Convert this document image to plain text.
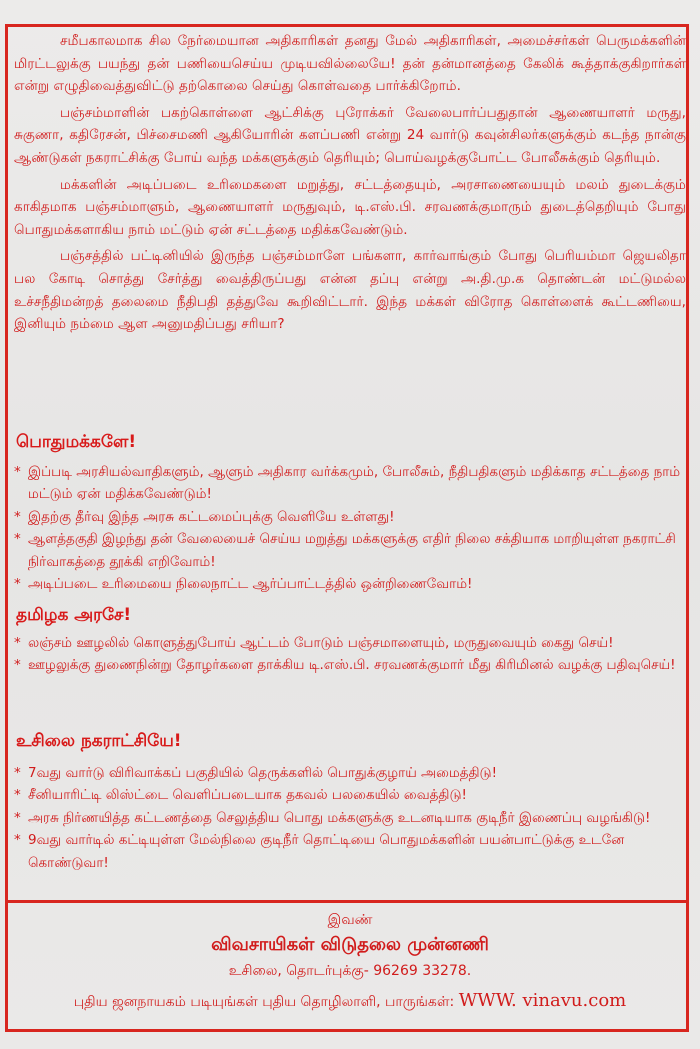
சமீபகாலமாக சில நேர்மையான அதிகாரிகள் தனது மேல் அதிகாரிகள், அமைச்சர்கள் பெருமக்களின் மிரட்டலுக்கு பயந்து தன் பணியைசெய்ய முடியவில்லையே! தன் தன்மானத்தை கேலிக் கூத்தாக்குகிறார்கள் என்று எழுதிவைத்துவிட்டு தற்கொலை செய்து கொள்வதை பார்க்கிறோம்.

பஞ்சம்மாளின் பகற்கொள்ளை ஆட்சிக்கு புரோக்கர் வேலைபார்ப்பதுதான் ஆணையாளர் மருது, சுகுணா, கதிரேசன், பிச்சைமணி ஆகியோரின் களப்பணி என்று 24 வார்டு கவுன்சிலர்களுக்கும் கடந்த நான்கு ஆண்டுகள் நகராட்சிக்கு போய் வந்த மக்களுக்கும் தெரியும்; பொய்வழக்குபோட்ட போலீசுக்கும் தெரியும்.

மக்களின் அடிப்படை உரிமைகளை மறுத்து, சட்டத்தையும், அரசாணையையும் மலம் துடைக்கும் காகிதமாக பஞ்சம்மாளும், ஆணையாளர் மருதுவும், டி.எஸ்.பி. சரவணக்குமாரும் துடைத்தெறியும் போது பொதுமக்களாகிய நாம் மட்டும் ஏன் சட்டத்தை மதிக்கவேண்டும்.

பஞ்சத்தில் பட்டினியில் இருந்த பஞ்சம்மாளே பங்களா, கார்வாங்கும் போது பெரியம்மா ஜெயலிதா பல கோடி சொத்து சேர்த்து வைத்திருப்பது என்ன தப்பு என்று அ.தி.மு.க தொண்டன் மட்டுமல்ல உச்சநீதிமன்றத் தலைமை நீதிபதி தத்துவே கூறிவிட்டார். இந்த மக்கள் விரோத கொள்ளைக் கூட்டணியை, இனியும் நம்மை ஆள அனுமதிப்பது சரியா?

பொதுமக்களே!
* இப்படி அரசியல்வாதிகளும், ஆளும் அதிகார வர்க்கமும், போலீசும், நீதிபதிகளும் மதிக்காத சட்டத்தை நாம் மட்டும் ஏன் மதிக்கவேண்டும்!
* இதற்கு தீர்வு இந்த அரசு கட்டமைப்புக்கு வெளியே உள்ளது!
* ஆளத்தகுதி இழந்து தன் வேலையைச் செய்ய மறுத்து மக்களுக்கு எதிர் நிலை சக்தியாக மாறியுள்ள நகராட்சி நிர்வாகத்தை தூக்கி எறிவோம்!
* அடிப்படை உரிமையை நிலைநாட்ட ஆர்ப்பாட்டத்தில் ஒன்றிணைவோம்!
தமிழக அரசே!
* லஞ்சம் ஊழலில் கொளுத்துபோய் ஆட்டம் போடும் பஞ்சமாளையும், மருதுவையும் கைது செய்!
* ஊழலுக்கு துணைநின்று தோழர்களை தாக்கிய டி.எஸ்.பி. சரவணக்குமார் மீது கிரிமினல் வழக்கு பதிவுசெய்!
உசிலை நகராட்சியே!
* 7வது வார்டு விரிவாக்கப் பகுதியில் தெருக்களில் பொதுக்குழாய் அமைத்திடு!
* சீனியாரிட்டி லிஸ்ட்டை வெளிப்படையாக தகவல் பலகையில் வைத்திடு!
* அரசு நிர்ணயித்த கட்டணத்தை செலுத்திய பொது மக்களுக்கு உடனடியாக குடிநீர் இணைப்பு வழங்கிடு!
* 9வது வார்டில் கட்டியுள்ள மேல்நிலை குடிநீர் தொட்டியை பொதுமக்களின் பயன்பாட்டுக்கு உடனே கொண்டுவா!
இவண்
விவசாயிகள் விடுதலை முன்னணி
உசிலை, தொடர்புக்கு- 96269 33278.
புதிய ஜனநாயகம் படியுங்கள் புதிய தொழிலாளி, பாருங்கள்: WWW. vinavu.com
